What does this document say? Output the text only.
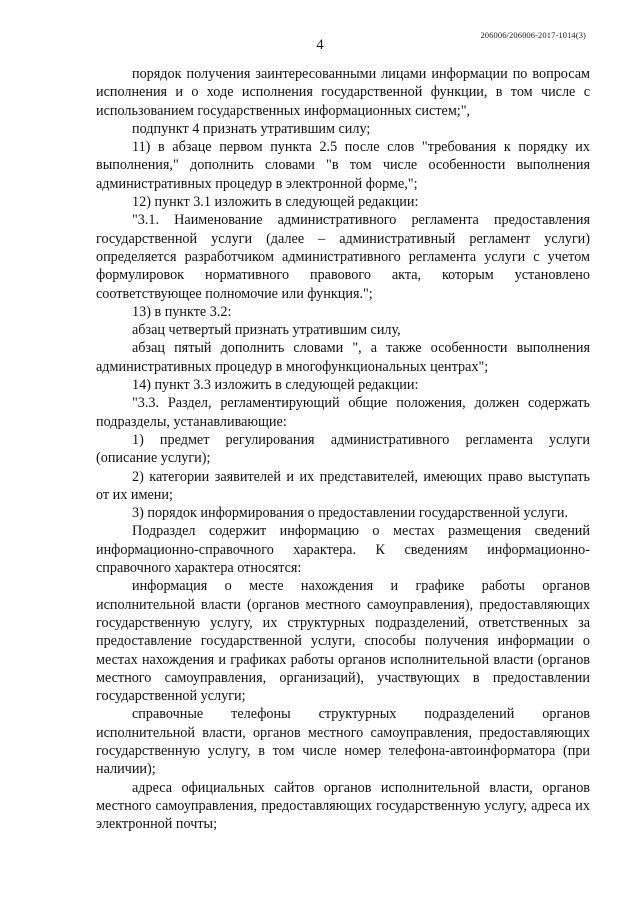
206006/206006-2017-1014(3)
4

порядок получения заинтересованными лицами информации по вопросам исполнения и о ходе исполнения государственной функции, в том числе с использованием государственных информационных систем;",

подпункт 4 признать утратившим силу;

11) в абзаце первом пункта 2.5 после слов "требования к порядку их выполнения," дополнить словами "в том числе особенности выполнения административных процедур в электронной форме,";

12) пункт 3.1 изложить в следующей редакции:

"3.1. Наименование административного регламента предоставления государственной услуги (далее – административный регламент услуги) определяется разработчиком административного регламента услуги с учетом формулировок нормативного правового акта, которым установлено соответствующее полномочие или функция.";

13) в пункте 3.2:

абзац четвертый признать утратившим силу,

абзац пятый дополнить словами ", а также особенности выполнения административных процедур в многофункциональных центрах";

14) пункт 3.3 изложить в следующей редакции:

"3.3. Раздел, регламентирующий общие положения, должен содержать подразделы, устанавливающие:

1) предмет регулирования административного регламента услуги (описание услуги);

2) категории заявителей и их представителей, имеющих право выступать от их имени;

3) порядок информирования о предоставлении государственной услуги.

Подраздел содержит информацию о местах размещения сведений информационно-справочного характера. К сведениям информационно-справочного характера относятся:

информация о месте нахождения и графике работы органов исполнительной власти (органов местного самоуправления), предоставляющих государственную услугу, их структурных подразделений, ответственных за предоставление государственной услуги, способы получения информации о местах нахождения и графиках работы органов исполнительной власти (органов местного самоуправления, организаций), участвующих в предоставлении государственной услуги;

справочные телефоны структурных подразделений органов исполнительной власти, органов местного самоуправления, предоставляющих государственную услугу, в том числе номер телефона-автоинформатора (при наличии);

адреса официальных сайтов органов исполнительной власти, органов местного самоуправления, предоставляющих государственную услугу, адреса их электронной почты;
